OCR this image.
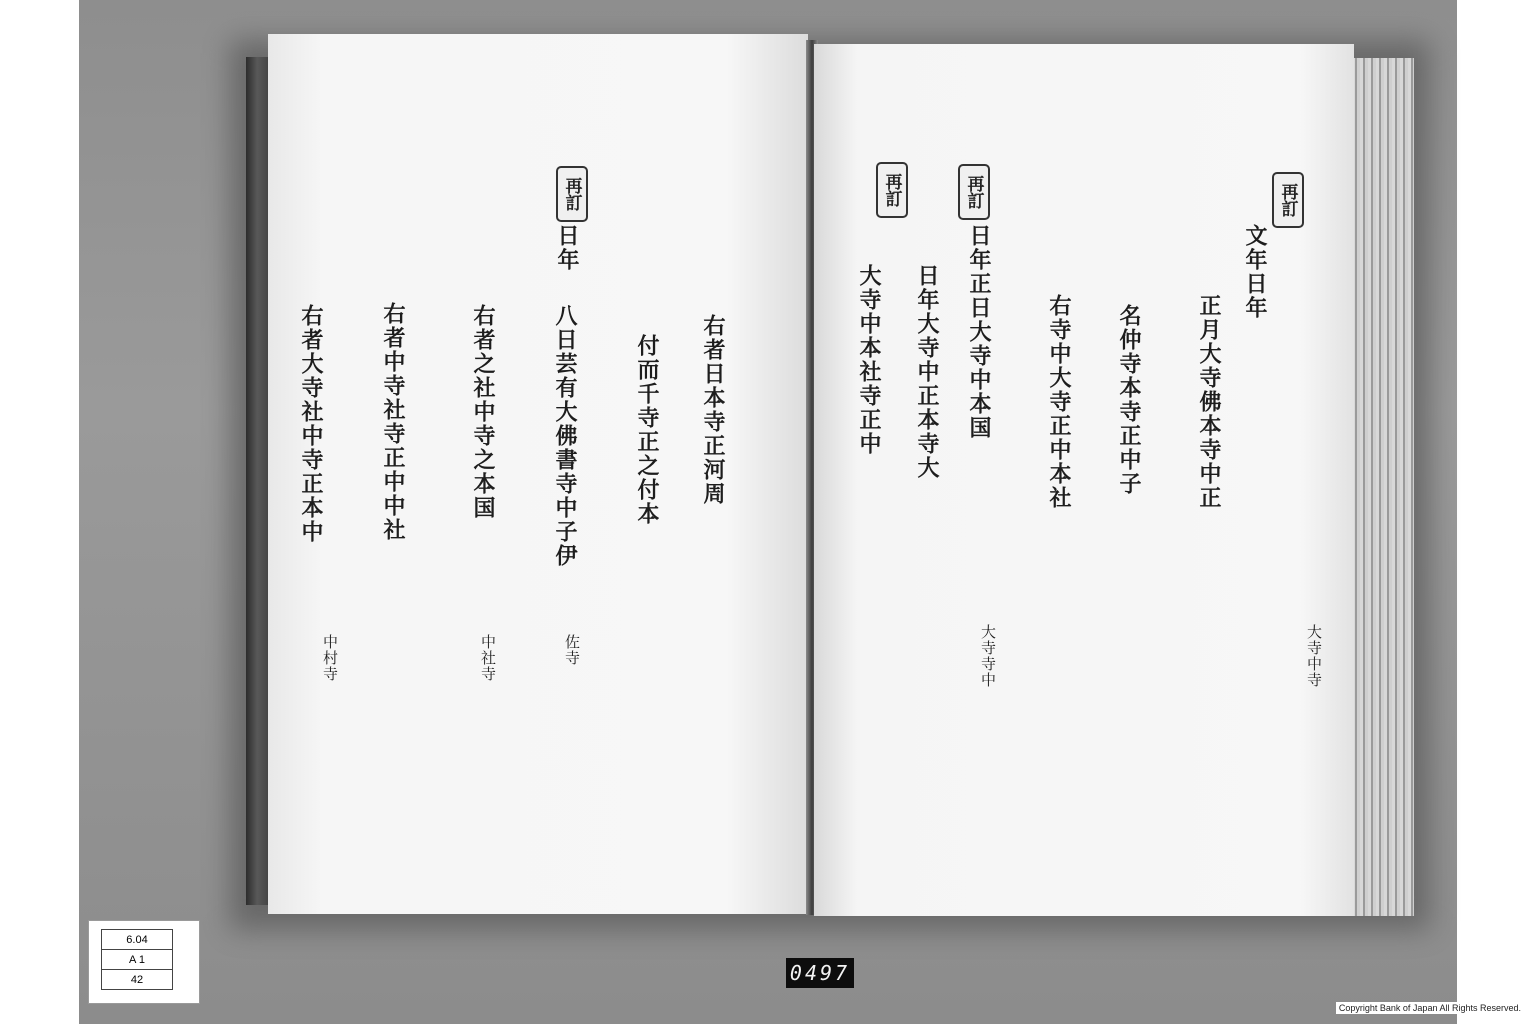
再訂
日年
八日芸有大佛書寺中子伊	右者日本寺正河周
付而千寺正之付本
右者之社中寺之本国
右者中寺社寺正中中社
右者大寺社中寺正本中
佐寺
中社寺
中村寺
再訂	再訂	再訂
文年日年
正月大寺佛本寺中正
名仲寺本寺正中子
右寺中大寺正中本社
日年正日大寺中本国
日年大寺中正本寺大
大寺中本社寺正中
大寺中寺
大寺寺中
6.04
A 1
42	0497
Copyright Bank of Japan All Rights Reserved.
